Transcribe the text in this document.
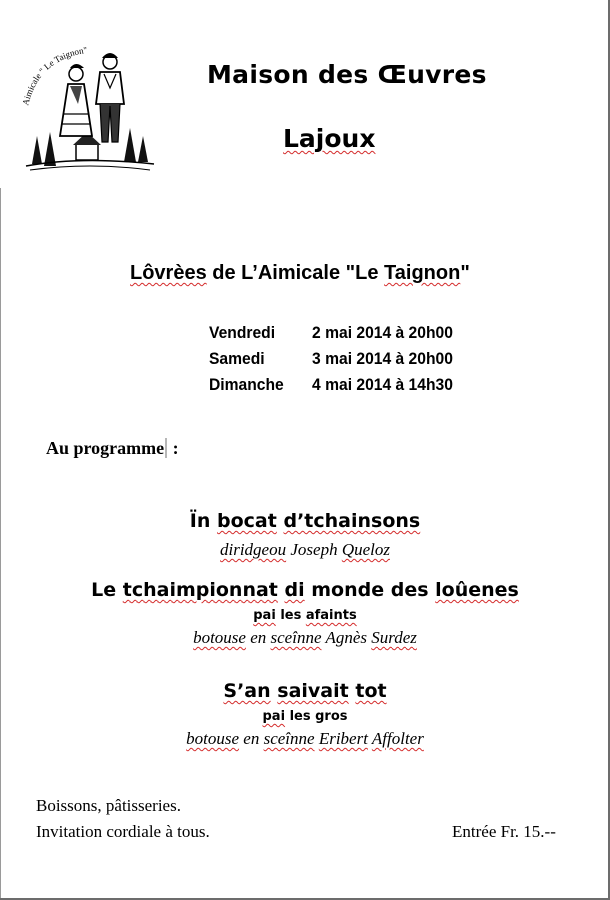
Aimicale " Le Taignon"
Maison des Œuvres
Lajoux
Lôvrèes de L’Aimicale "Le Taignon"
Vendredi	2 mai 2014 à 20h00
Samedi	3 mai 2014 à 20h00
Dimanche	4 mai 2014 à 14h30
Au programme :
Ïn bocat d’tchainsons
diridgeou Joseph Queloz
Le tchaimpionnat di monde des loûenes
pai les afaints
botouse en sceînne Agnès Surdez
S’an saivait tot
pai les gros
botouse en sceînne Eribert Affolter
Boissons, pâtisseries.
Invitation cordiale à tous.	Entrée Fr. 15.--
